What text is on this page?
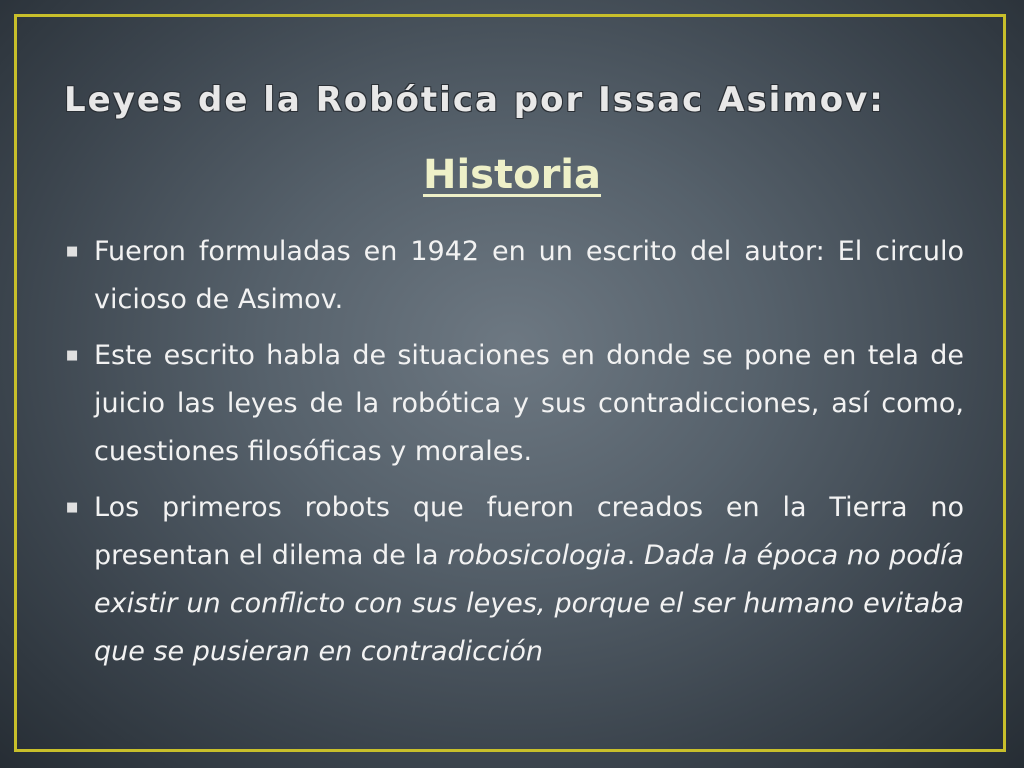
Leyes de la Robótica por Issac Asimov:
Historia
■ Fueron formuladas en 1942 en un escrito del autor: El circulo vicioso de Asimov.
■ Este escrito habla de situaciones en donde se pone en tela de juicio las leyes de la robótica y sus contradicciones, así como, cuestiones filosóficas y morales.
■ Los primeros robots que fueron creados en la Tierra no presentan el dilema de la robosicologia. Dada la época no podía existir un conflicto con sus leyes, porque el ser humano evitaba que se pusieran en contradicción
